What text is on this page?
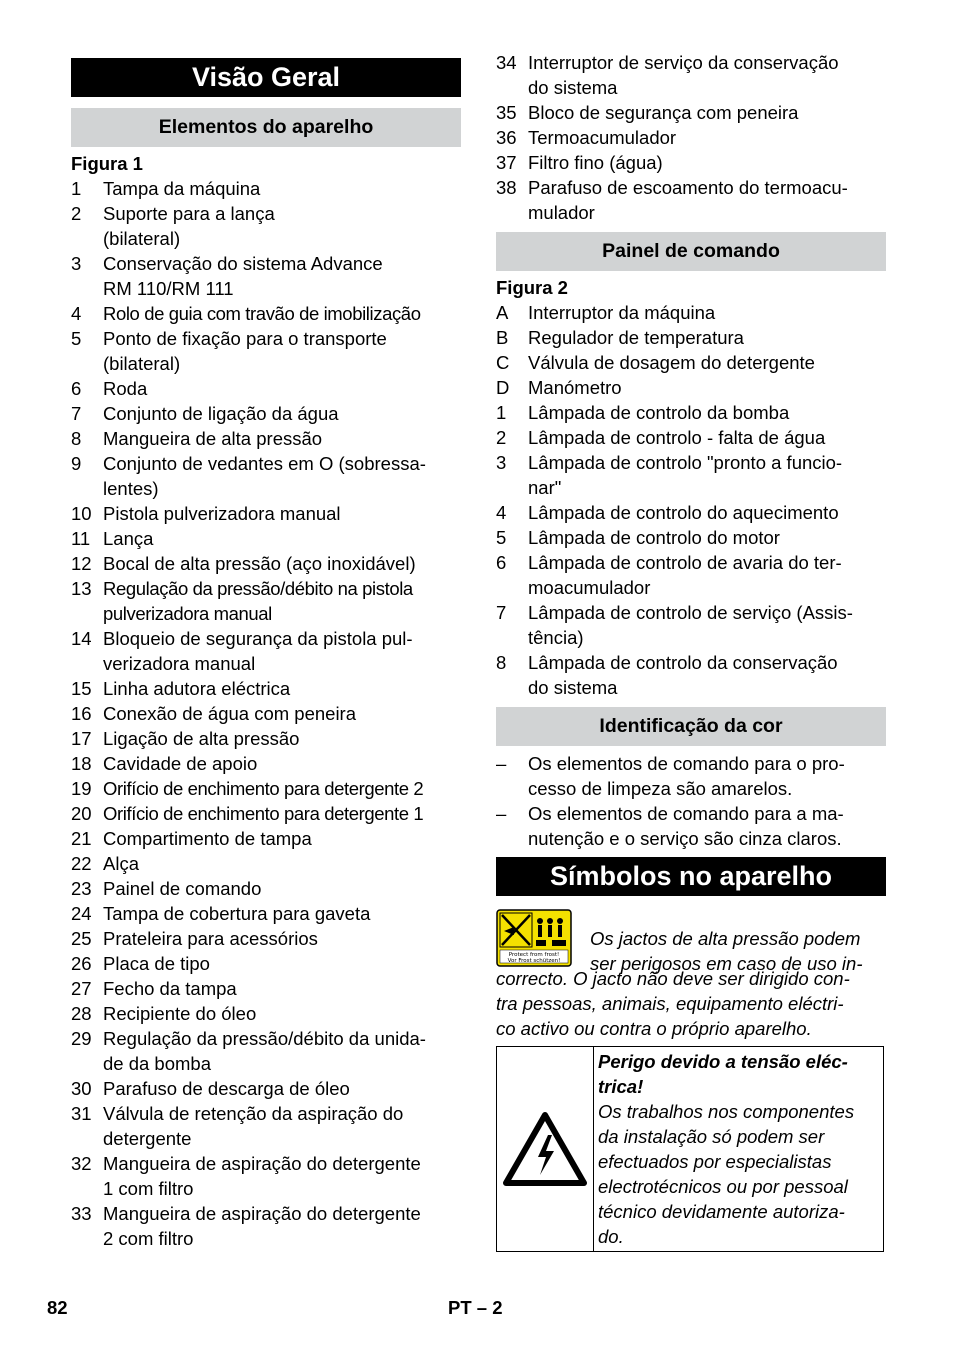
Visão Geral
Elementos do aparelho
Figura 1
1	Tampa da máquina
2	Suporte para a lança
(bilateral)
3	Conservação do sistema Advance
RM 110/RM 111
4	Rolo de guia com travão de imobilização
5	Ponto de fixação para o transporte
(bilateral)
6	Roda
7	Conjunto de ligação da água
8	Mangueira de alta pressão
9	Conjunto de vedantes em O (sobressa-
lentes)
10 Pistola pulverizadora manual
11 Lança
12 Bocal de alta pressão (aço inoxidável)
13 Regulação da pressão/débito na pistola
pulverizadora manual
14 Bloqueio de segurança da pistola pul-
verizadora manual
15 Linha adutora eléctrica
16 Conexão de água com peneira
17 Ligação de alta pressão
18 Cavidade de apoio
19 Orifício de enchimento para detergente 2
20 Orifício de enchimento para detergente 1
21 Compartimento de tampa
22 Alça
23 Painel de comando
24 Tampa de cobertura para gaveta
25 Prateleira para acessórios
26 Placa de tipo
27 Fecho da tampa
28 Recipiente do óleo
29 Regulação da pressão/débito da unida-
de da bomba
30 Parafuso de descarga de óleo
31 Válvula de retenção da aspiração do
detergente
32 Mangueira de aspiração do detergente
1 com filtro
33 Mangueira de aspiração do detergente
2 com filtro
34 Interruptor de serviço da conservação
do sistema
35 Bloco de segurança com peneira
36 Termoacumulador
37 Filtro fino (água)
38 Parafuso de escoamento do termoacu-
mulador
Painel de comando
Figura 2
A	Interruptor da máquina
B	Regulador de temperatura
C	Válvula de dosagem do detergente
D	Manómetro
1	Lâmpada de controlo da bomba
2	Lâmpada de controlo - falta de água
3	Lâmpada de controlo "pronto a funcio-
nar"
4	Lâmpada de controlo do aquecimento
5	Lâmpada de controlo do motor
6	Lâmpada de controlo de avaria do ter-
moacumulador
7	Lâmpada de controlo de serviço (Assis-
tência)
8	Lâmpada de controlo da conservação
do sistema
Identificação da cor
–	Os elementos de comando para o pro-
cesso de limpeza são amarelos.
–	Os elementos de comando para a ma-
nutenção e o serviço são cinza claros.
Símbolos no aparelho
Protect from frost!
Vor Frost schützen!
Os jactos de alta pressão podem
ser perigosos em caso de uso in-
correcto. O jacto não deve ser dirigido con-
tra pessoas, animais, equipamento eléctri-
co activo ou contra o próprio aparelho.
Perigo devido a tensão eléc-
trica!
Os trabalhos nos componentes
da instalação só podem ser
efectuados por especialistas
electrotécnicos ou por pessoal
técnico devidamente autoriza-
do.
82	PT – 2
